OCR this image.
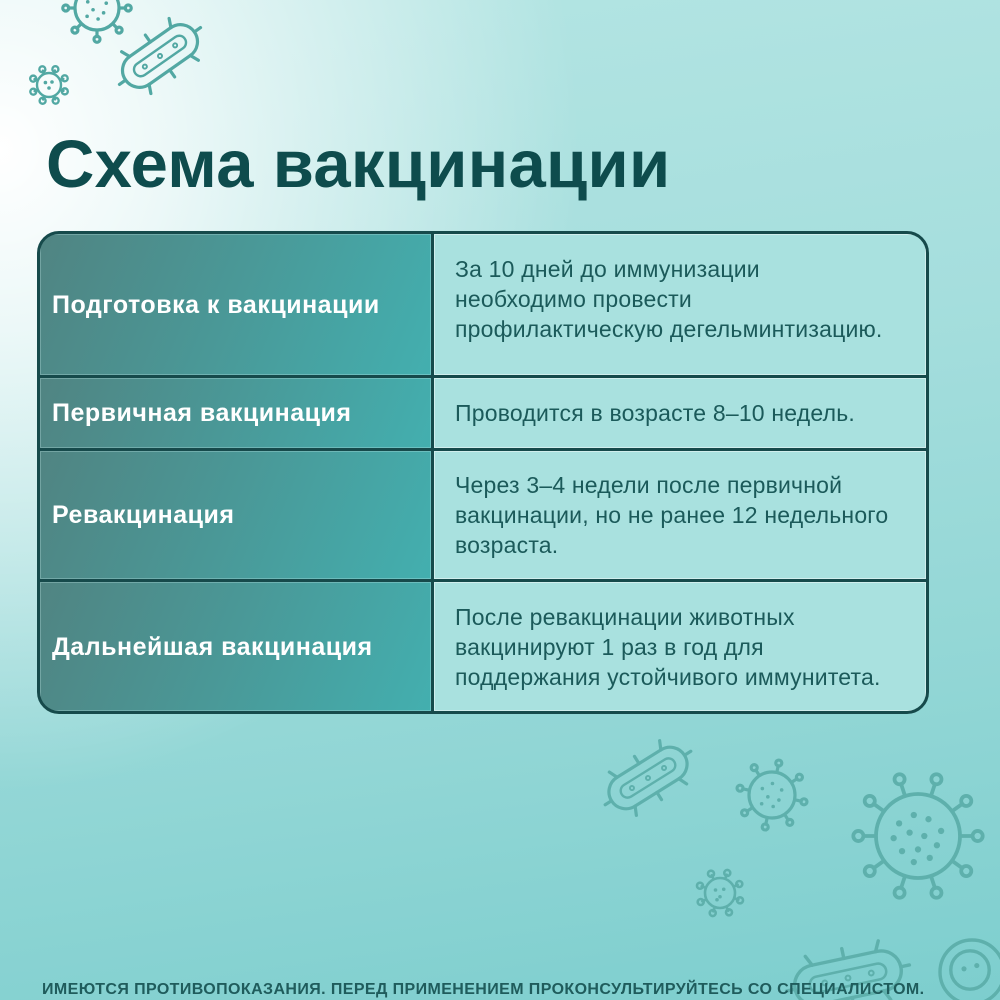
Схема вакцинации
Подготовка к вакцинации
За 10 дней до иммунизации
необходимо провести
профилактическую дегельминтизацию.
Первичная вакцинация	Проводится в возрасте 8–10 недель.
Ревакцинация
Через 3–4 недели после первичной
вакцинации, но не ранее 12 недельного
возраста.
Дальнейшая вакцинация
После ревакцинации животных
вакцинируют 1 раз в год для
поддержания устойчивого иммунитета.
ИМЕЮТСЯ ПРОТИВОПОКАЗАНИЯ. ПЕРЕД ПРИМЕНЕНИЕМ ПРОКОНСУЛЬТИРУЙТЕСЬ СО СПЕЦИАЛИСТОМ.
